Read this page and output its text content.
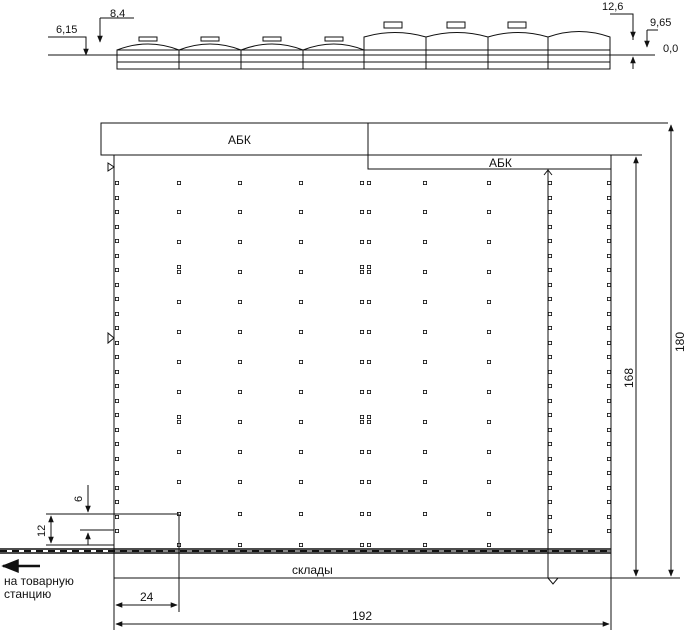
6,15
8,4
12,6
9,65
0,0
АБК
АБК
склады
на товарную
станцию
192
24
180
168
12
6
